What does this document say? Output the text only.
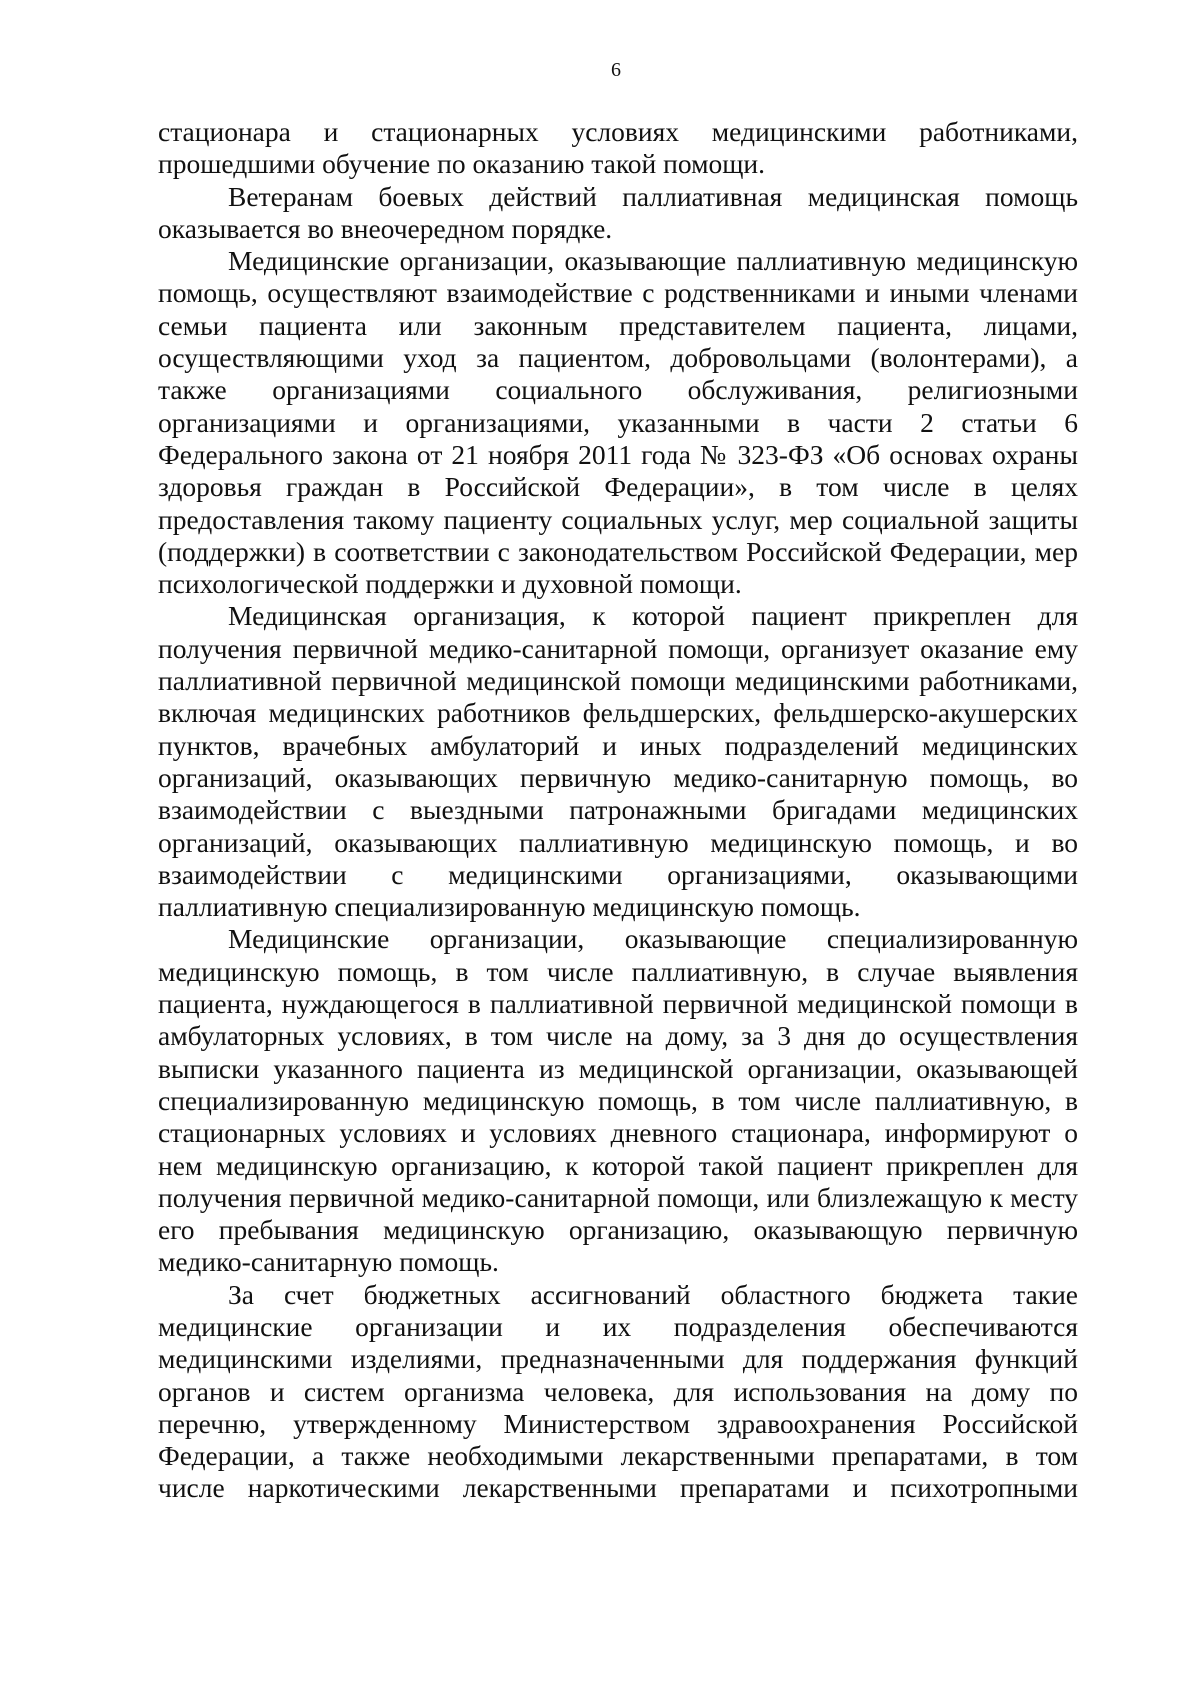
6

стационара и стационарных условиях медицинскими работниками, прошедшими обучение по оказанию такой помощи.

Ветеранам боевых действий паллиативная медицинская помощь оказывается во внеочередном порядке.

Медицинские организации, оказывающие паллиативную медицинскую помощь, осуществляют взаимодействие с родственниками и иными членами семьи пациента или законным представителем пациента, лицами, осуществляющими уход за пациентом, добровольцами (волонтерами), а также организациями социального обслуживания, религиозными организациями и организациями, указанными в части 2 статьи 6 Федерального закона от 21 ноября 2011 года № 323-ФЗ «Об основах охраны здоровья граждан в Российской Федерации», в том числе в целях предоставления такому пациенту социальных услуг, мер социальной защиты (поддержки) в соответствии с законодательством Российской Федерации, мер психологической поддержки и духовной помощи.

Медицинская организация, к которой пациент прикреплен для получения первичной медико-санитарной помощи, организует оказание ему паллиативной первичной медицинской помощи медицинскими работниками, включая медицинских работников фельдшерских, фельдшерско-акушерских пунктов, врачебных амбулаторий и иных подразделений медицинских организаций, оказывающих первичную медико-санитарную помощь, во взаимодействии с выездными патронажными бригадами медицинских организаций, оказывающих паллиативную медицинскую помощь, и во взаимодействии с медицинскими организациями, оказывающими паллиативную специализированную медицинскую помощь.

Медицинские организации, оказывающие специализированную медицинскую помощь, в том числе паллиативную, в случае выявления пациента, нуждающегося в паллиативной первичной медицинской помощи в амбулаторных условиях, в том числе на дому, за 3 дня до осуществления выписки указанного пациента из медицинской организации, оказывающей специализированную медицинскую помощь, в том числе паллиативную, в стационарных условиях и условиях дневного стационара, информируют о нем медицинскую организацию, к которой такой пациент прикреплен для получения первичной медико-санитарной помощи, или близлежащую к месту его пребывания медицинскую организацию, оказывающую первичную медико-санитарную помощь.

За счет бюджетных ассигнований областного бюджета такие медицинские организации и их подразделения обеспечиваются медицинскими изделиями, предназначенными для поддержания функций органов и систем организма человека, для использования на дому по перечню, утвержденному Министерством здравоохранения Российской Федерации, а также необходимыми лекарственными препаратами, в том числе наркотическими лекарственными препаратами и психотропными
